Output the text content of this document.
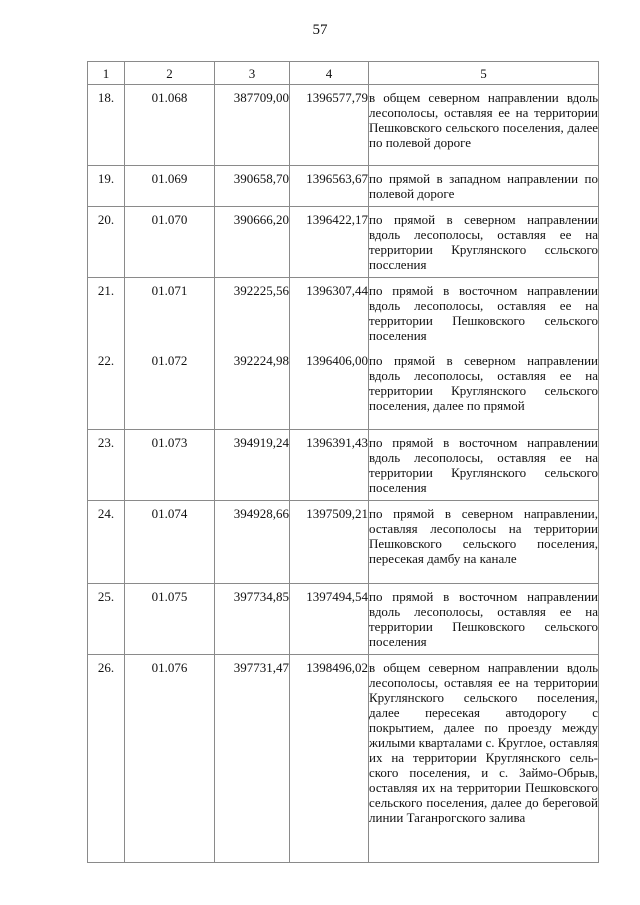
57
1	2	3	4	5
18.	01.068	387709,00	1396577,79	в общем северном направлении вдоль лесополосы, оставляя ее на территории Пешковского сельского поселения, далее по полевой дороге
19.	01.069	390658,70	1396563,67	по прямой в западном направлении по полевой дороге
20.	01.070	390666,20	1396422,17	по прямой в северном направлении вдоль лесополосы, оставляя ее на территории Круглянского ссльского посcления
21.	01.071	392225,56	1396307,44	по прямой в восточном направлении вдоль лесополосы, оставляя ее на территории Пешковского сельского поселения
22.	01.072	392224,98	1396406,00	по прямой в северном направлении вдоль лесополосы, оставляя ее на территории Круглянского сельского поселения, далее по прямой
23.	01.073	394919,24	1396391,43	по прямой в восточном направлении вдоль лесополосы, оставляя ее на территории Круглянского сельского поселения
24.	01.074	394928,66	1397509,21	по прямой в северном направлении, оставляя лесополосы на территории Пешковского сельского поселения, пересекая дамбу на канале
25.	01.075	397734,85	1397494,54	по прямой в восточном направлении вдоль лесополосы, оставляя ее на территории Пешковского сельского поселения
26.	01.076	397731,47	1398496,02	в общем северном направлении вдоль лесополосы, оставляя ее на территории Круглянского сельского поселения, далее пересекая автодорогу с покрытием, далее по проезду между жилыми кварталами с. Круглое, оставляя их на территории Круглянского сельского поселения, и с. Займо-Обрыв, оставляя их на территории Пешковского сельского поселения, далее до береговой линии Таганрогского залива
